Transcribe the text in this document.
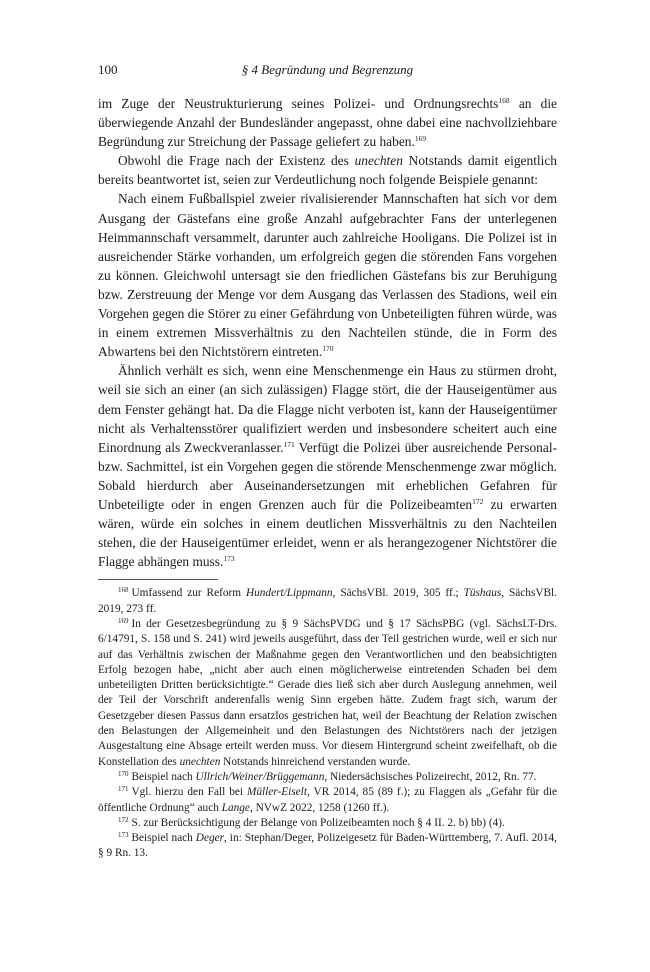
100	§ 4 Begründung und Begrenzung

im Zuge der Neustrukturierung seines Polizei- und Ordnungsrechts$^{168}$ an die überwiegende Anzahl der Bundesländer angepasst, ohne dabei eine nachvollziehbare Begründung zur Streichung der Passage geliefert zu haben.$^{169}$

Obwohl die Frage nach der Existenz des unechten Notstands damit eigentlich bereits beantwortet ist, seien zur Verdeutlichung noch folgende Beispiele genannt:

Nach einem Fußballspiel zweier rivalisierender Mannschaften hat sich vor dem Ausgang der Gästefans eine große Anzahl aufgebrachter Fans der unterlegenen Heimmannschaft versammelt, darunter auch zahlreiche Hooligans. Die Polizei ist in ausreichender Stärke vorhanden, um erfolgreich gegen die störenden Fans vorgehen zu können. Gleichwohl untersagt sie den friedlichen Gästefans bis zur Beruhigung bzw. Zerstreuung der Menge vor dem Ausgang das Verlassen des Stadions, weil ein Vorgehen gegen die Störer zu einer Gefährdung von Unbeteiligten führen würde, was in einem extremen Missverhältnis zu den Nachteilen stünde, die in Form des Abwartens bei den Nichtstörern eintreten.$^{170}$

Ähnlich verhält es sich, wenn eine Menschenmenge ein Haus zu stürmen droht, weil sie sich an einer (an sich zulässigen) Flagge stört, die der Hauseigentümer aus dem Fenster gehängt hat. Da die Flagge nicht verboten ist, kann der Hauseigentümer nicht als Verhaltensstörer qualifiziert werden und insbesondere scheitert auch eine Einordnung als Zweckveranlasser.$^{171}$ Verfügt die Polizei über ausreichende Personal- bzw. Sachmittel, ist ein Vorgehen gegen die störende Menschenmenge zwar möglich. Sobald hierdurch aber Auseinandersetzungen mit erheblichen Gefahren für Unbeteiligte oder in engen Grenzen auch für die Polizeibeamten$^{172}$ zu erwarten wären, würde ein solches in einem deutlichen Missverhältnis zu den Nachteilen stehen, die der Hauseigentümer erleidet, wenn er als herangezogener Nichtstörer die Flagge abhängen muss.$^{173}$

$^{168}$ Umfassend zur Reform Hundert/Lippmann, SächsVBl. 2019, 305 ff.; Tüshaus, SächsVBl. 2019, 273 ff.

$^{169}$ In der Gesetzesbegründung zu § 9 SächsPVDG und § 17 SächsPBG (vgl. SächsLT-Drs. 6/14791, S. 158 und S. 241) wird jeweils ausgeführt, dass der Teil gestrichen wurde, weil er sich nur auf das Verhältnis zwischen der Maßnahme gegen den Verantwortlichen und den beabsichtigten Erfolg bezogen habe, „nicht aber auch einen möglicherweise eintretenden Schaden bei dem unbeteiligten Dritten berücksichtigte.“ Gerade dies ließ sich aber durch Auslegung annehmen, weil der Teil der Vorschrift anderenfalls wenig Sinn ergeben hätte. Zudem fragt sich, warum der Gesetzgeber diesen Passus dann ersatzlos gestrichen hat, weil der Beachtung der Relation zwischen den Belastungen der Allgemeinheit und den Belastungen des Nichtstörers nach der jetzigen Ausgestaltung eine Absage erteilt werden muss. Vor diesem Hintergrund scheint zweifelhaft, ob die Konstellation des unechten Notstands hinreichend verstanden wurde.

$^{170}$ Beispiel nach Ullrich/Weiner/Brüggemann, Niedersächsisches Polizeirecht, 2012, Rn. 77.

$^{171}$ Vgl. hierzu den Fall bei Müller-Eiselt, VR 2014, 85 (89 f.); zu Flaggen als „Gefahr für die öffentliche Ordnung“ auch Lange, NVwZ 2022, 1258 (1260 ff.).

$^{172}$ S. zur Berücksichtigung der Belange von Polizeibeamten noch § 4 II. 2. b) bb) (4).

$^{173}$ Beispiel nach Deger, in: Stephan/Deger, Polizeigesetz für Baden-Württemberg, 7. Aufl. 2014, § 9 Rn. 13.
